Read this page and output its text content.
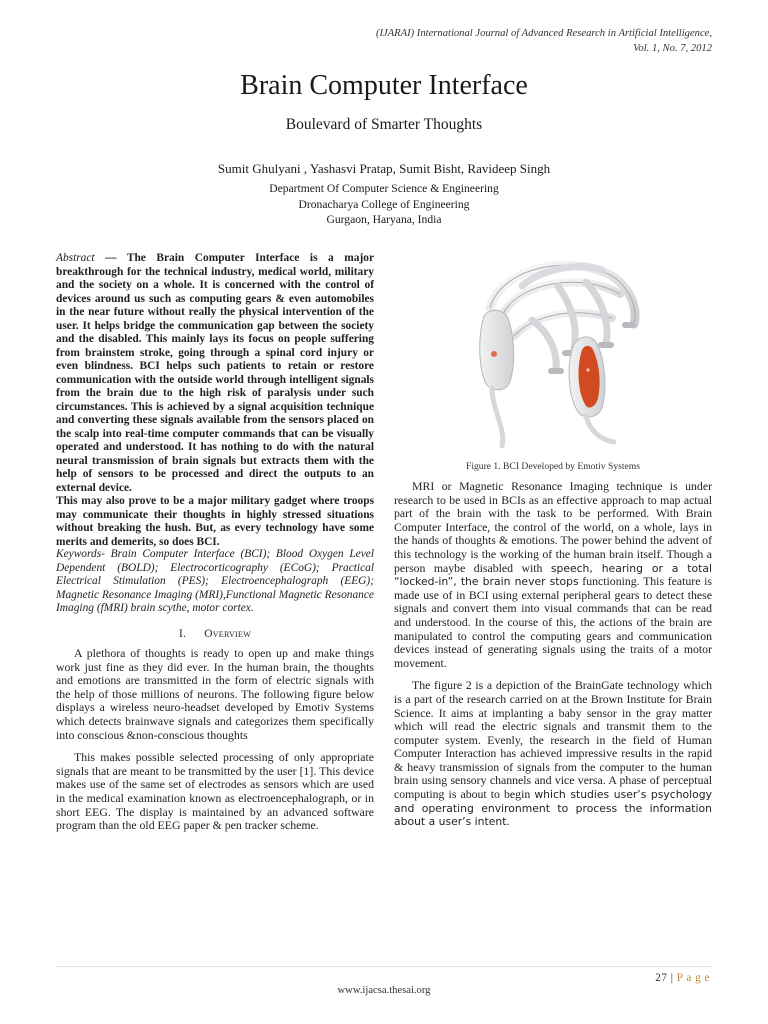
(IJARAI) International Journal of Advanced Research in Artificial Intelligence,
Vol. 1, No. 7, 2012
Brain Computer Interface
Boulevard of Smarter Thoughts
Sumit Ghulyani , Yashasvi Pratap, Sumit Bisht, Ravideep Singh
Department Of Computer Science & Engineering
Dronacharya College of Engineering
Gurgaon, Haryana, India

Abstract — The Brain Computer Interface is a major breakthrough for the technical industry, medical world, military and the society on a whole. It is concerned with the control of devices around us such as computing gears & even automobiles in the near future without really the physical intervention of the user. It helps bridge the communication gap between the society and the disabled. This mainly lays its focus on people suffering from brainstem stroke, going through a spinal cord injury or even blindness. BCI helps such patients to retain or restore communication with the outside world through intelligent signals from the brain due to the high risk of paralysis under such circumstances. This is achieved by a signal acquisition technique and converting these signals available from the sensors placed on the scalp into real-time computer commands that can be visually operated and understood. It has nothing to do with the natural neural transmission of brain signals but extracts them with the help of sensors to be processed and direct the outputs to an external device.

This may also prove to be a major military gadget where troops may communicate their thoughts in highly stressed situations without breaking the hush. But, as every technology have some merits and demerits, so does BCI.

Keywords- Brain Computer Interface (BCI); Blood Oxygen Level Dependent (BOLD); Electrocorticography (ECoG); Practical Electrical Stimulation (PES); Electroencephalograph (EEG); Magnetic Resonance Imaging (MRI),Functional Magnetic Resonance Imaging (fMRI) brain scythe, motor cortex.

I. Overview

A plethora of thoughts is ready to open up and make things work just fine as they did ever. In the human brain, the thoughts and emotions are transmitted in the form of electric signals with the help of those millions of neurons. The following figure below displays a wireless neuro-headset developed by Emotiv Systems which detects brainwave signals and categorizes them specifically into conscious &non-conscious thoughts

This makes possible selected processing of only appropriate signals that are meant to be transmitted by the user [1]. This device makes use of the same set of electrodes as sensors which are used in the medical examination known as electroencephalograph, or in short EEG. The display is maintained by an advanced software program than the old EEG paper & pen tracker scheme.

Figure 1. BCI Developed by Emotiv Systems

MRI or Magnetic Resonance Imaging technique is under research to be used in BCIs as an effective approach to map actual part of the brain with the task to be performed. With Brain Computer Interface, the control of the world, on a whole, lays in the hands of thoughts & emotions. The power behind the advent of this technology is the working of the human brain itself. Though a person maybe disabled with speech, hearing or a total “locked-in”, the brain never stops functioning. This feature is made use of in BCI using external peripheral gears to detect these signals and convert them into visual commands that can be read and understood. In the course of this, the actions of the brain are manipulated to control the computing gears and communication devices instead of generating signals using the traits of a motor movement.

The figure 2 is a depiction of the BrainGate technology which is a part of the research carried on at the Brown Institute for Brain Science. It aims at implanting a baby sensor in the gray matter which will read the electric signals and transmit them to the computer system. Evenly, the research in the field of Human Computer Interaction has achieved impressive results in the rapid & heavy transmission of signals from the computer to the human brain using sensory channels and vice versa. A phase of perceptual computing is about to begin which studies user’s psychology and operating environment to process the information about a user’s intent.

27 | P a g e
www.ijacsa.thesai.org
